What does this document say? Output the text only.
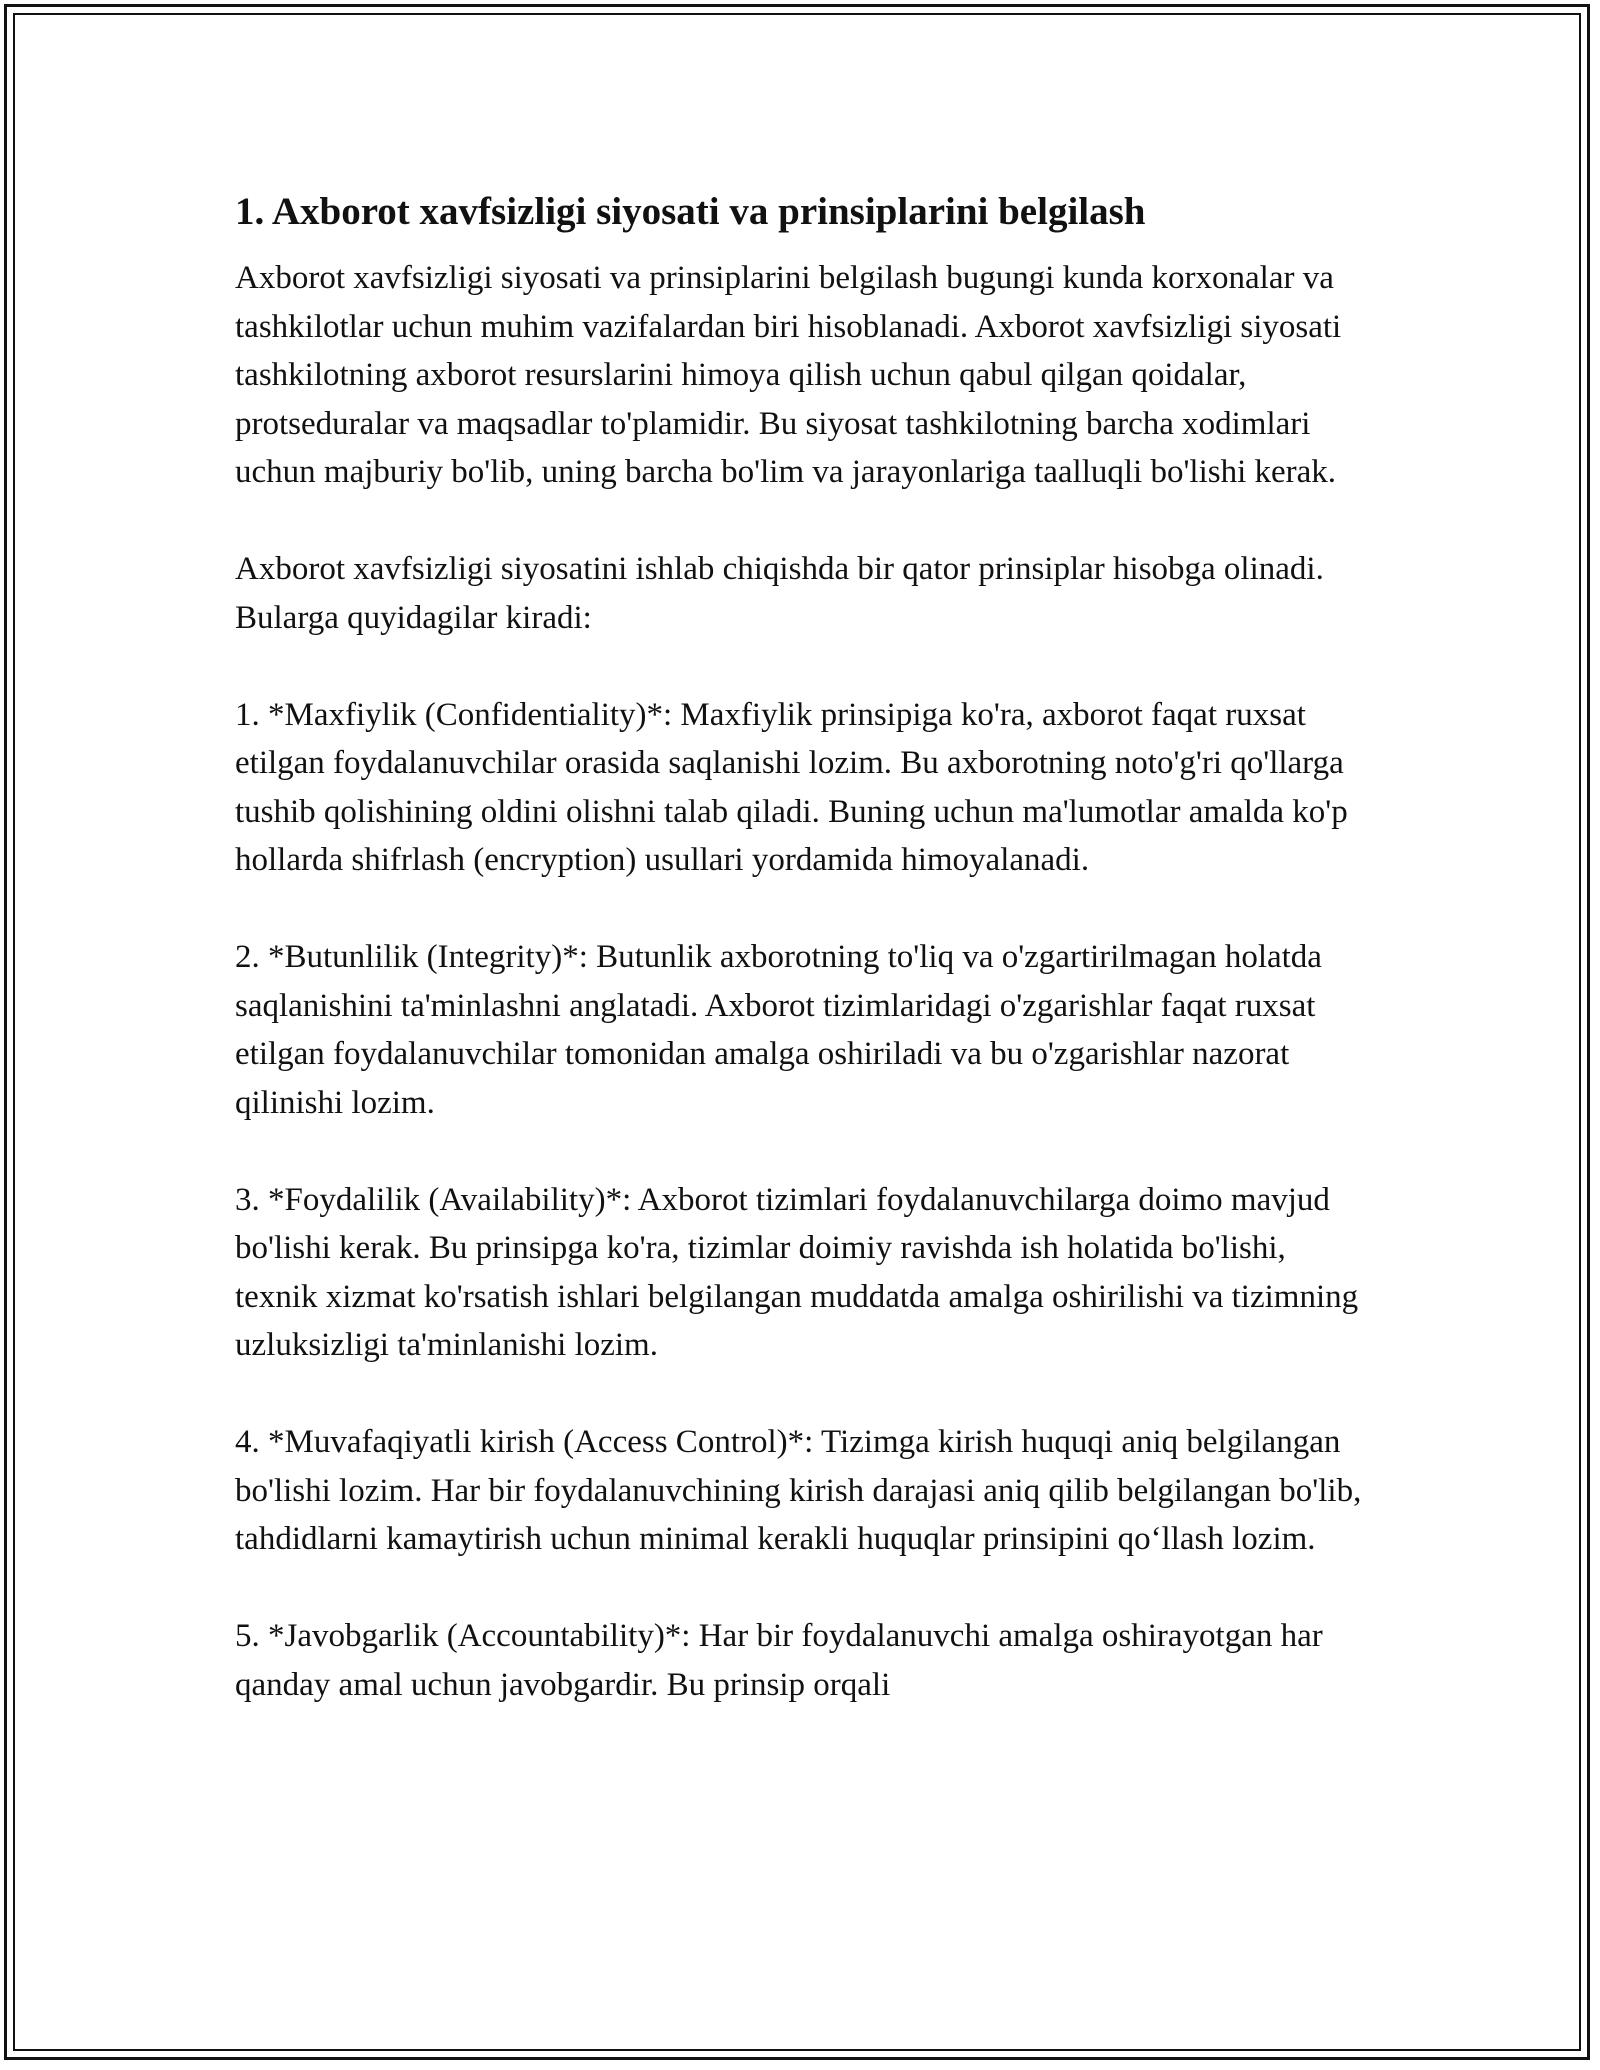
1. Axborot xavfsizligi siyosati va prinsiplarini belgilash

Axborot xavfsizligi siyosati va prinsiplarini belgilash bugungi kunda korxonalar va tashkilotlar uchun muhim vazifalardan biri hisoblanadi. Axborot xavfsizligi siyosati tashkilotning axborot resurslarini himoya qilish uchun qabul qilgan qoidalar, protseduralar va maqsadlar to'plamidir. Bu siyosat tashkilotning barcha xodimlari uchun majburiy bo'lib, uning barcha bo'lim va jarayonlariga taalluqli bo'lishi kerak.

Axborot xavfsizligi siyosatini ishlab chiqishda bir qator prinsiplar hisobga olinadi. Bularga quyidagilar kiradi:

1. *Maxfiylik (Confidentiality)*: Maxfiylik prinsipiga ko'ra, axborot faqat ruxsat etilgan foydalanuvchilar orasida saqlanishi lozim. Bu axborotning noto'g'ri qo'llarga tushib qolishining oldini olishni talab qiladi. Buning uchun ma'lumotlar amalda ko'p hollarda shifrlash (encryption) usullari yordamida himoyalanadi.

2. *Butunlilik (Integrity)*: Butunlik axborotning to'liq va o'zgartirilmagan holatda saqlanishini ta'minlashni anglatadi. Axborot tizimlaridagi o'zgarishlar faqat ruxsat etilgan foydalanuvchilar tomonidan amalga oshiriladi va bu o'zgarishlar nazorat qilinishi lozim.

3. *Foydalilik (Availability)*: Axborot tizimlari foydalanuvchilarga doimo mavjud bo'lishi kerak. Bu prinsipga ko'ra, tizimlar doimiy ravishda ish holatida bo'lishi, texnik xizmat ko'rsatish ishlari belgilangan muddatda amalga oshirilishi va tizimning uzluksizligi ta'minlanishi lozim.

4. *Muvafaqiyatli kirish (Access Control)*: Tizimga kirish huquqi aniq belgilangan bo'lishi lozim. Har bir foydalanuvchining kirish darajasi aniq qilib belgilangan bo'lib, tahdidlarni kamaytirish uchun minimal kerakli huquqlar prinsipini qo‘llash lozim.

5. *Javobgarlik (Accountability)*: Har bir foydalanuvchi amalga oshirayotgan har qanday amal uchun javobgardir. Bu prinsip orqali
